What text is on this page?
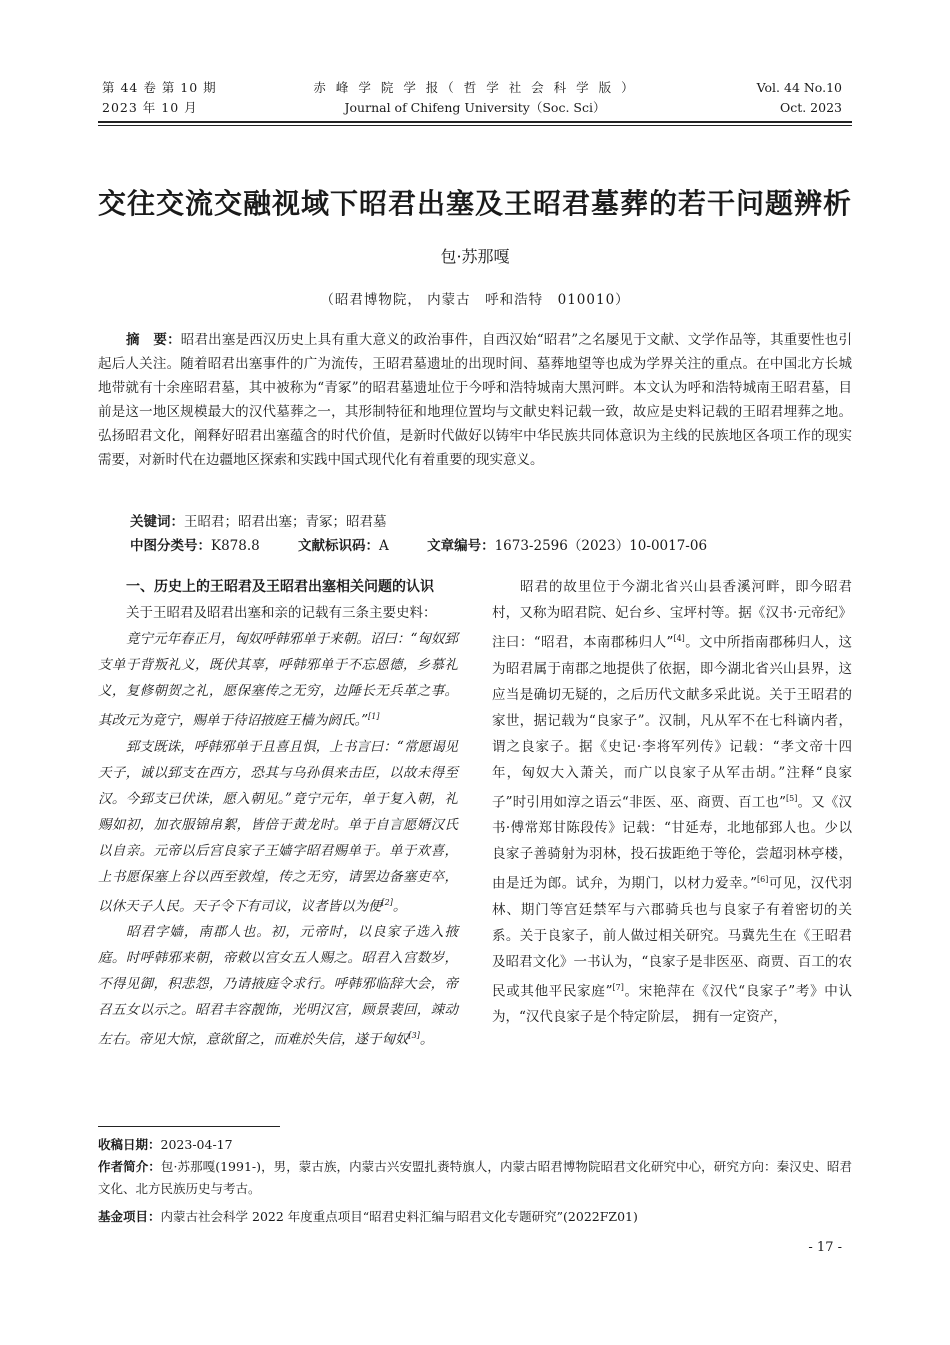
第 44 卷 第 10 期
2023 年 10 月
赤 峰 学 院 学 报（ 哲 学 社 会 科 学 版 ）
Journal of Chifeng University（Soc. Sci）
Vol. 44 No.10
Oct. 2023
交往交流交融视域下昭君出塞及王昭君墓葬的若干问题辨析
包·苏那嘎
（昭君博物院， 内蒙古　呼和浩特　010010）

摘　要：昭君出塞是西汉历史上具有重大意义的政治事件，自西汉始“昭君”之名屡见于文献、文学作品等，其重要性也引起后人关注。随着昭君出塞事件的广为流传，王昭君墓遗址的出现时间、墓葬地望等也成为学界关注的重点。在中国北方长城地带就有十余座昭君墓，其中被称为“青冢”的昭君墓遗址位于今呼和浩特城南大黑河畔。本文认为呼和浩特城南王昭君墓，目前是这一地区规模最大的汉代墓葬之一，其形制特征和地理位置均与文献史料记载一致，故应是史料记载的王昭君埋葬之地。弘扬昭君文化，阐释好昭君出塞蕴含的时代价值，是新时代做好以铸牢中华民族共同体意识为主线的民族地区各项工作的现实需要，对新时代在边疆地区探索和实践中国式现代化有着重要的现实意义。

关键词：王昭君；昭君出塞；青冢；昭君墓
中图分类号：K878.8	文献标识码：A	文章编号：1673-2596（2023）10-0017-06
一、历史上的王昭君及王昭君出塞相关问题的认识

关于王昭君及昭君出塞和亲的记载有三条主要史料：

竟宁元年春正月，匈奴呼韩邪单于来朝。诏曰：“匈奴郅支单于背叛礼义，既伏其辜，呼韩邪单于不忘恩德，乡慕礼义，复修朝贺之礼，愿保塞传之无穷，边陲长无兵革之事。其改元为竟宁，赐单于待诏掖庭王樯为阏氏。”[1]

郅支既诛，呼韩邪单于且喜且惧，上书言曰：“常愿谒见天子，诚以郅支在西方，恐其与乌孙俱来击臣，以故未得至汉。今郅支已伏诛，愿入朝见。”竟宁元年，单于复入朝，礼赐如初，加衣服锦帛絮，皆倍于黄龙时。单于自言愿婿汉氏以自亲。元帝以后宫良家子王嫱字昭君赐单于。单于欢喜，上书愿保塞上谷以西至敦煌，传之无穷，请罢边备塞吏卒，以休天子人民。天子令下有司议，议者皆以为便[2]。

昭君字嫱，南郡人也。初，元帝时，以良家子选入掖庭。时呼韩邪来朝，帝敕以宫女五人赐之。昭君入宫数岁，不得见御，积悲怨，乃请掖庭令求行。呼韩邪临辞大会，帝召五女以示之。昭君丰容靓饰，光明汉宫，顾景裴回，竦动左右。帝见大惊，意欲留之，而难於失信，遂于匈奴[3]。

昭君的故里位于今湖北省兴山县香溪河畔，即今昭君村，又称为昭君院、妃台乡、宝坪村等。据《汉书·元帝纪》注曰：“昭君，本南郡秭归人”[4]。文中所指南郡秭归人，这为昭君属于南郡之地提供了依据，即今湖北省兴山县界，这应当是确切无疑的，之后历代文献多采此说。关于王昭君的家世，据记载为“良家子”。汉制，凡从军不在七科谪内者，谓之良家子。据《史记·李将军列传》记载：“孝文帝十四年，匈奴大入萧关，而广以良家子从军击胡。”注释“良家子”时引用如淳之语云“非医、巫、商贾、百工也”[5]。又《汉书·傅常郑甘陈段传》记载：“甘延寿，北地郁郅人也。少以良家子善骑射为羽林，投石拔距绝于等伦，尝超羽林亭楼，由是迁为郎。试弁，为期门，以材力爱幸。”[6]可见，汉代羽林、期门等宫廷禁军与六郡骑兵也与良家子有着密切的关系。关于良家子，前人做过相关研究。马冀先生在《王昭君及昭君文化》一书认为，“良家子是非医巫、商贾、百工的农民或其他平民家庭”[7]。宋艳萍在《汉代“良家子”考》中认为，“汉代良家子是个特定阶层， 拥有一定资产，

收稿日期：2023-04-17
作者简介：包·苏那嘎(1991-)，男，蒙古族，内蒙古兴安盟扎赉特旗人，内蒙古昭君博物院昭君文化研究中心，研究方向：秦汉史、昭君文化、北方民族历史与考古。
基金项目：内蒙古社会科学 2022 年度重点项目“昭君史料汇编与昭君文化专题研究”(2022FZ01)
- 17 -
